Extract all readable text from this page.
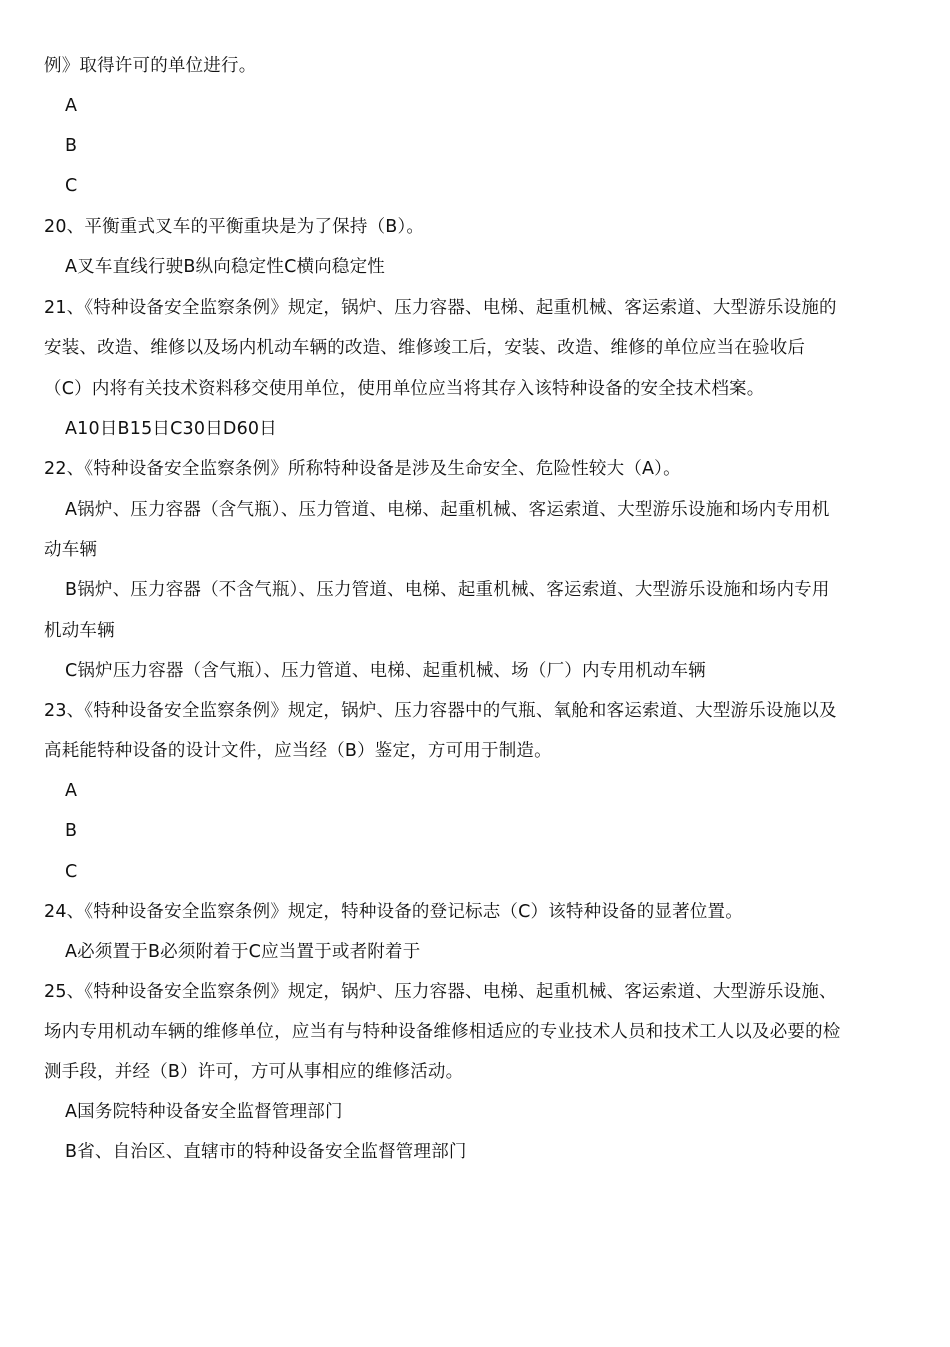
例》取得许可的单位进行。
A
B
C
20、平衡重式叉车的平衡重块是为了保持（B）。
A叉车直线行驶B纵向稳定性C横向稳定性
21、《特种设备安全监察条例》规定，锅炉、压力容器、电梯、起重机械、客运索道、大型游乐设施的
安装、改造、维修以及场内机动车辆的改造、维修竣工后，安装、改造、维修的单位应当在验收后
（C）内将有关技术资料移交使用单位，使用单位应当将其存入该特种设备的安全技术档案。
A10日B15日C30日D60日
22、《特种设备安全监察条例》所称特种设备是涉及生命安全、危险性较大（A）。
A锅炉、压力容器（含气瓶）、压力管道、电梯、起重机械、客运索道、大型游乐设施和场内专用机
动车辆
B锅炉、压力容器（不含气瓶）、压力管道、电梯、起重机械、客运索道、大型游乐设施和场内专用
机动车辆
C锅炉压力容器（含气瓶）、压力管道、电梯、起重机械、场（厂）内专用机动车辆
23、《特种设备安全监察条例》规定，锅炉、压力容器中的气瓶、氧舱和客运索道、大型游乐设施以及
高耗能特种设备的设计文件，应当经（B）鉴定，方可用于制造。
A
B
C
24、《特种设备安全监察条例》规定，特种设备的登记标志（C）该特种设备的显著位置。
A必须置于B必须附着于C应当置于或者附着于
25、《特种设备安全监察条例》规定，锅炉、压力容器、电梯、起重机械、客运索道、大型游乐设施、
场内专用机动车辆的维修单位，应当有与特种设备维修相适应的专业技术人员和技术工人以及必要的检
测手段，并经（B）许可，方可从事相应的维修活动。
A国务院特种设备安全监督管理部门
B省、自治区、直辖市的特种设备安全监督管理部门
